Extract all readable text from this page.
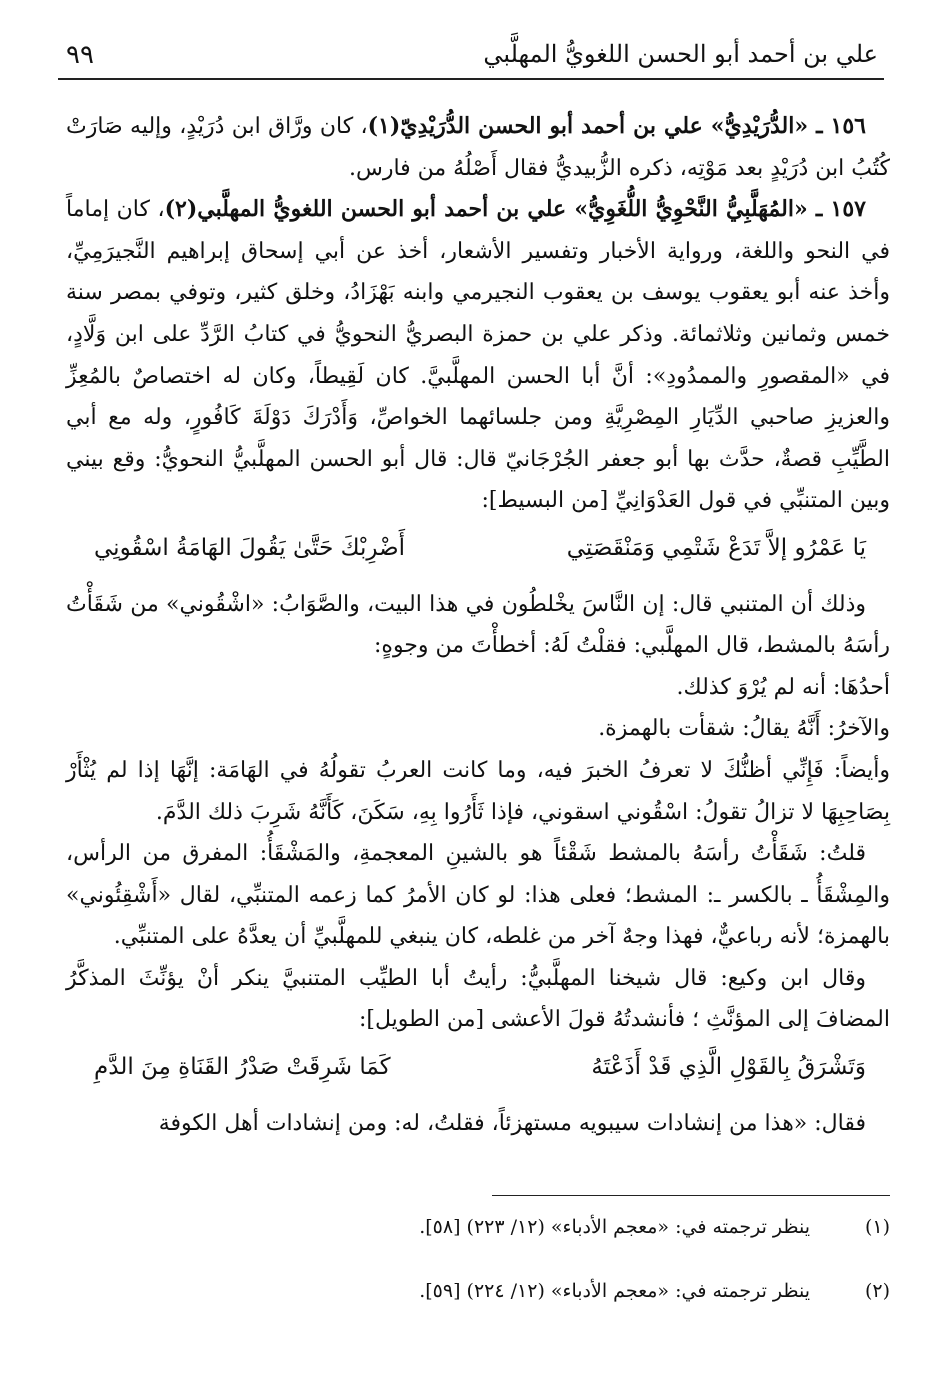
٩٩	علي بن أحمد أبو الحسن اللغويُّ المهلَّبي

١٥٦ ـ «الدُّرَيْدِيُّ» علي بن أحمد أبو الحسن الدُّرَيْدِيّ(١)، كان ورَّاق ابن دُرَيْدٍ، وإليه صَارَتْ كُتُبُ ابن دُرَيْدٍ بعد مَوْتِه، ذكره الزُّبيديُّ فقال أَصْلُهُ من فارس.

١٥٧ ـ «المُهَلَّبِيُّ النَّحْوِيُّ اللُّغَوِيُّ» علي بن أحمد أبو الحسن اللغويُّ المهلَّبي(٢)، كان إماماً في النحو واللغة، ورواية الأخبار وتفسير الأشعار، أخذ عن أبي إسحاق إبراهيم النَّجيرَمِيِّ، وأخذ عنه أبو يعقوب يوسف بن يعقوب النجيرمي وابنه بَهْزَادُ، وخلق كثير، وتوفي بمصر سنة خمس وثمانين وثلاثمائة. وذكر علي بن حمزة البصريُّ النحويُّ في كتابُ الرَّدِّ على ابن وَلَّادٍ، في «المقصورِ والممدُودِ»: أنَّ أبا الحسن المهلَّبيَّ. كان لَقِيطاً، وكان له اختصاصٌ بالمُعِزِّ والعزيزِ صاحبي الدِّيَارِ المِصْرِيَّةِ ومن جلسائهما الخواصِّ، وَأَدْرَكَ دَوْلَةَ كَافُورٍ، وله مع أبي الطَّيِّبِ قصةٌ، حدَّث بها أبو جعفر الجُرْجَانيّ قال: قال أبو الحسن المهلَّبيُّ النحويُّ: وقع بيني وبين المتنبِّي في قول العَدْوَانِيِّ [من البسيط]:

يَا عَمْرُو إلاَّ تَدَعْ شَتْمِي وَمَنْقَصَتِي
أَضْرِبْكَ حَتَّىٰ يَقُولَ الهَامَةُ اسْقُونِي

وذلك أن المتنبي قال: إن النَّاسَ يخْلطُون في هذا البيت، والصَّوَابُ: «اشْقُوني» من شَقَأْتُ رأسَهُ بالمشط، قال المهلَّبي: فقلْتُ لَهُ: أخطأْتَ من وجوهٍ:

أحدُهَا: أنه لم يُرْوَ كذلك.

والآخرُ: أَنَّهُ يقالُ: شقأت بالهمزة.

وأيضاً: فَإِنِّي أظنُّكَ لا تعرفُ الخبرَ فيه، وما كانت العربُ تقولُهُ في الهَامَة: إنَّهَا إذا لم يُثْأَرْ بِصَاحِبِهَا لا تزالُ تقولُ: اسْقُوني اسقوني، فإذا ثَأَرُوا بِهِ، سَكَنَ، كَأَنَّهُ شَرِبَ ذلك الدَّمَ.

قلتُ: شَقَأْتُ رأسَهُ بالمشط شَقْئاً هو بالشينِ المعجمةِ، والمَشْقَأُ: المفرق من الرأس، والمِشْقَأُ ـ بالكسر ـ: المشط؛ فعلى هذا: لو كان الأمرُ كما زعمه المتنبِّي، لقال «أَشْقِئُوني» بالهمزة؛ لأنه رباعيٌّ، فهذا وجهٌ آخر من غلطه، كان ينبغي للمهلَّبيِّ أن يعدَّهُ على المتنبِّي.

وقال ابن وكيع: قال شيخنا المهلَّبيُّ: رأيتُ أبا الطيِّب المتنبيَّ ينكر أنْ يؤنِّثَ المذكَّرُ المضافَ إلى المؤنَّثِ ؛ فأنشدتُهُ قولَ الأعشى [من الطويل]:

وَتَشْرَقُ بِالقَوْلِ الَّذِي قَدْ أَذَعْتَهُ
كَمَا شَرِقَتْ صَدْرُ القَنَاةِ مِنَ الدَّمِ

فقال: «هذا من إنشادات سيبويه مستهزئاً، فقلتُ، له: ومن إنشادات أهل الكوفة

(١)ينظر ترجمته في: «معجم الأدباء» (١٢/ ٢٢٣) [٥٨].
(٢)ينظر ترجمته في: «معجم الأدباء» (١٢/ ٢٢٤) [٥٩].
